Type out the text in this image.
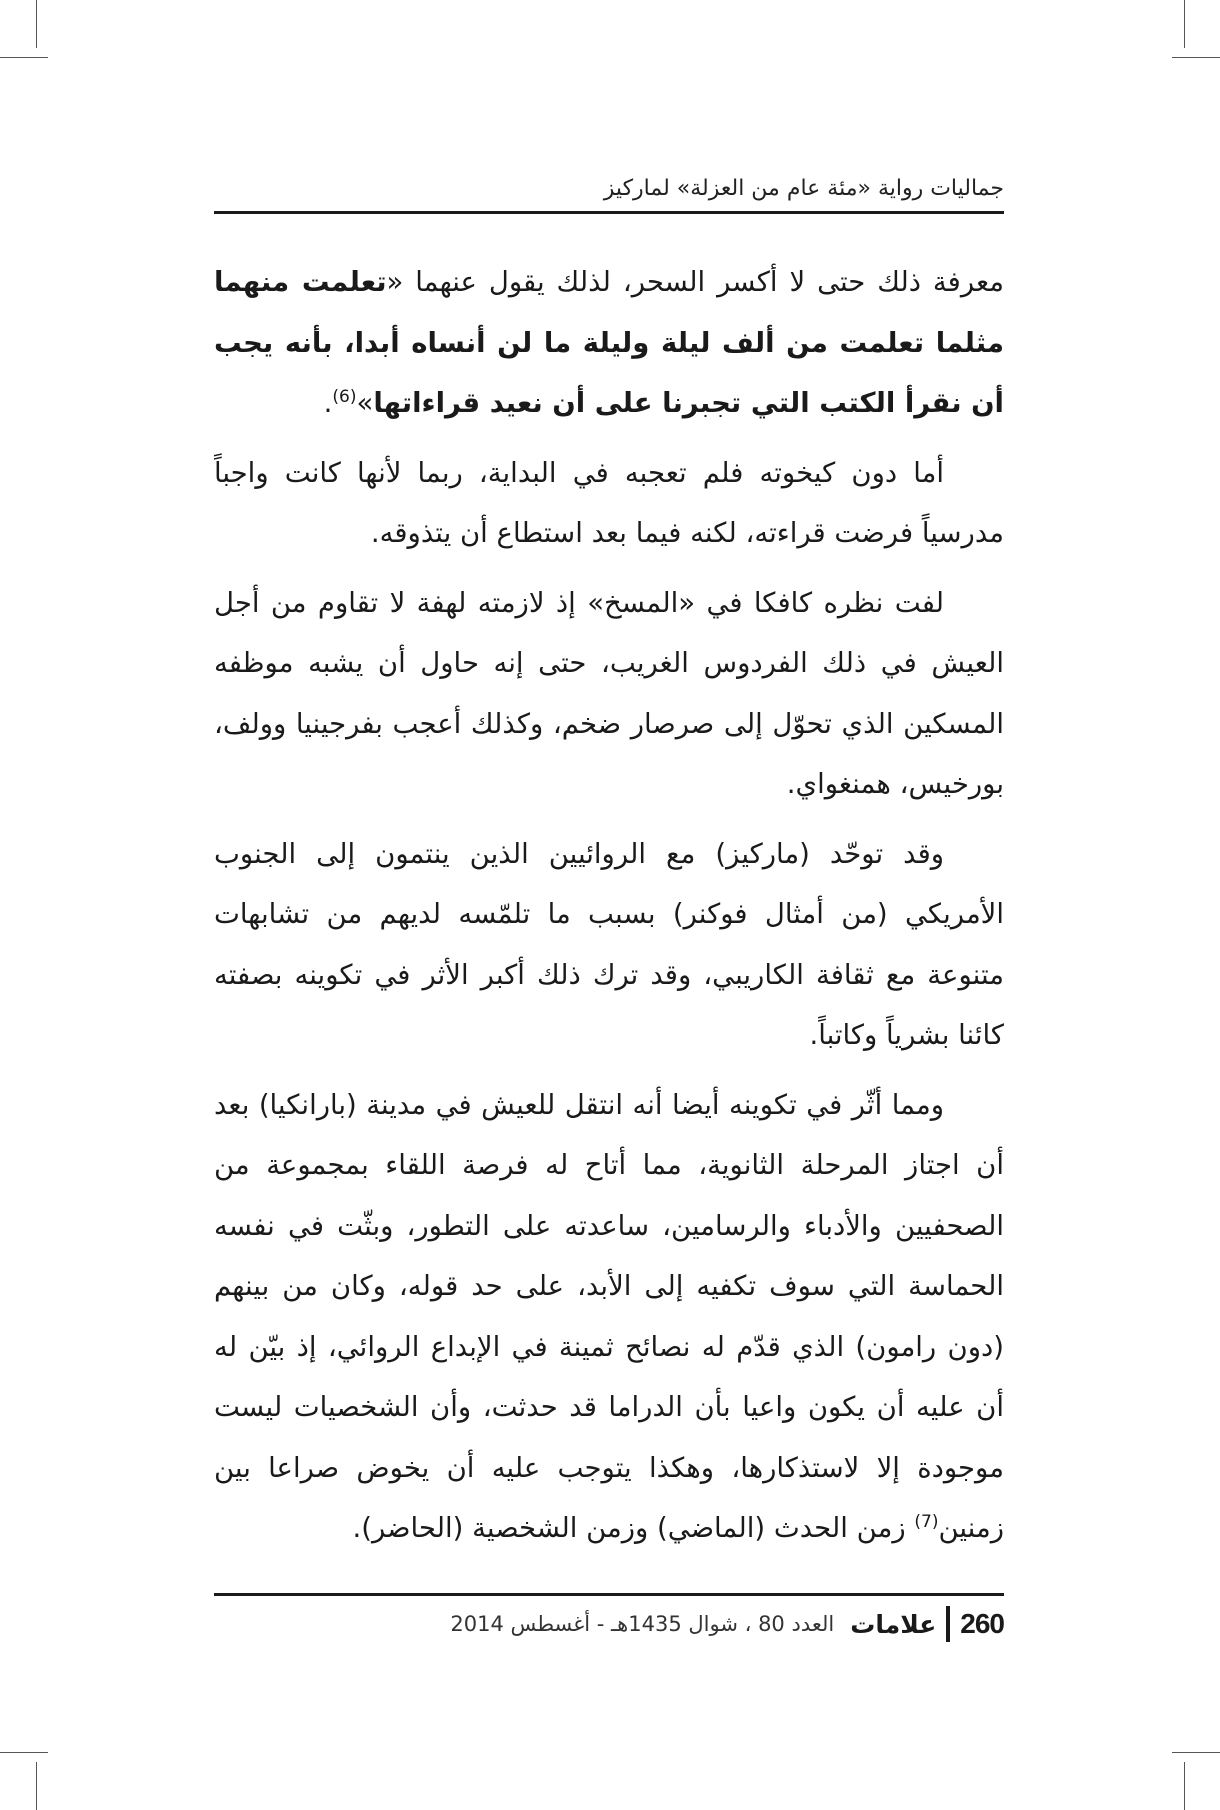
جماليات رواية «مئة عام من العزلة» لماركيز

معرفة ذلك حتى لا أكسر السحر، لذلك يقول عنهما «تعلمت منهما مثلما تعلمت من ألف ليلة وليلة ما لن أنساه أبدا، بأنه يجب أن نقرأ الكتب التي تجبرنا على أن نعيد قراءاتها»$^{(6)}$.

أما دون كيخوته فلم تعجبه في البداية، ربما لأنها كانت واجباً مدرسياً فرضت قراءته، لكنه فيما بعد استطاع أن يتذوقه.

لفت نظره كافكا في «المسخ» إذ لازمته لهفة لا تقاوم من أجل العيش في ذلك الفردوس الغريب، حتى إنه حاول أن يشبه موظفه المسكين الذي تحوّل إلى صرصار ضخم، وكذلك أعجب بفرجينيا وولف، بورخيس، همنغواي.

وقد توحّد (ماركيز) مع الروائيين الذين ينتمون إلى الجنوب الأمريكي (من أمثال فوكنر) بسبب ما تلمّسه لديهم من تشابهات متنوعة مع ثقافة الكاريبي، وقد ترك ذلك أكبر الأثر في تكوينه بصفته كائنا بشرياً وكاتباً.

ومما أثّر في تكوينه أيضا أنه انتقل للعيش في مدينة (بارانكيا) بعد أن اجتاز المرحلة الثانوية، مما أتاح له فرصة اللقاء بمجموعة من الصحفيين والأدباء والرسامين، ساعدته على التطور، وبثّت في نفسه الحماسة التي سوف تكفيه إلى الأبد، على حد قوله، وكان من بينهم (دون رامون) الذي قدّم له نصائح ثمينة في الإبداع الروائي، إذ بيّن له أن عليه أن يكون واعيا بأن الدراما قد حدثت، وأن الشخصيات ليست موجودة إلا لاستذكارها، وهكذا يتوجب عليه أن يخوض صراعا بين زمنين$^{(7)}$ زمن الحدث (الماضي) وزمن الشخصية (الحاضر).

260
علامات
العدد 80 ، شوال 1435هـ - أغسطس 2014
